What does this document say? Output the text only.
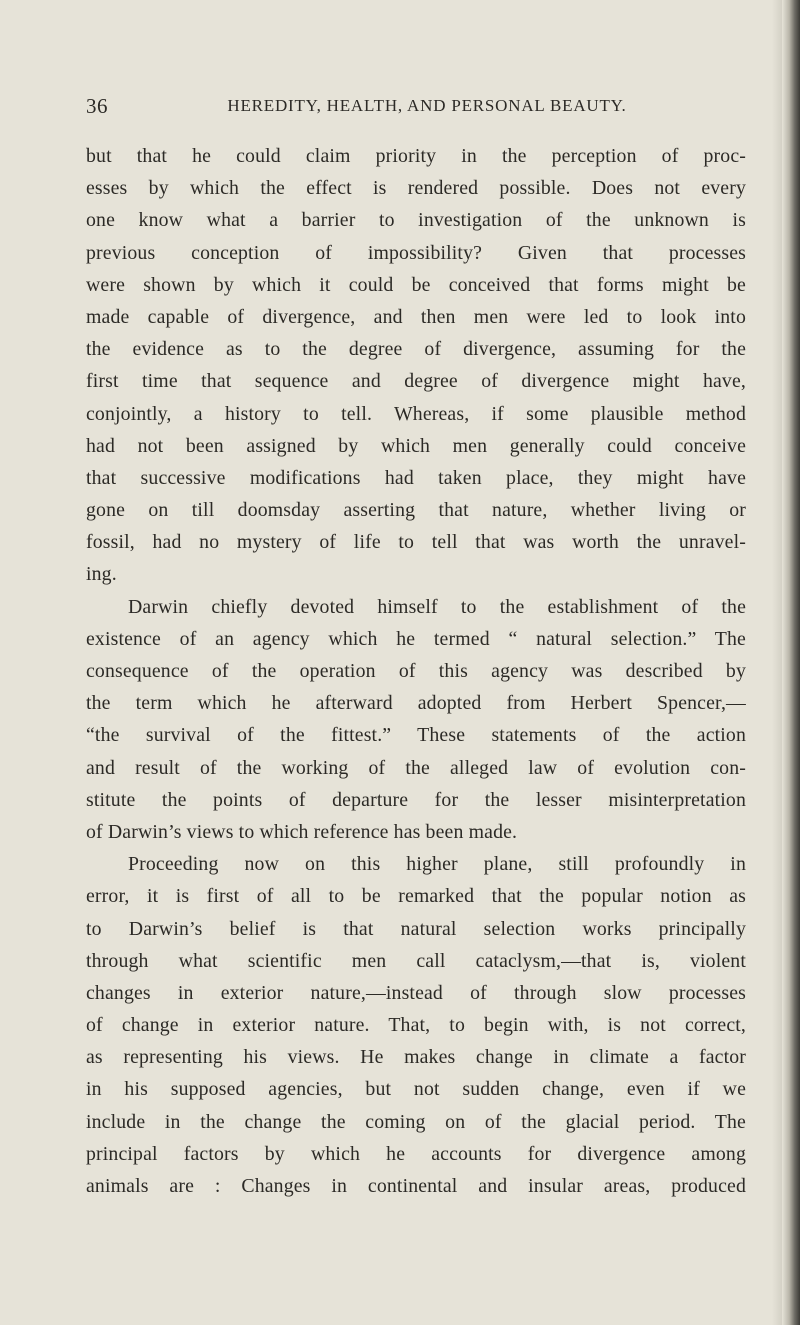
36	HEREDITY, HEALTH, AND PERSONAL BEAUTY.
but that he could claim priority in the perception of proc-
esses by which the effect is rendered possible. Does not every
one know what a barrier to investigation of the unknown is
previous conception of impossibility? Given that processes
were shown by which it could be conceived that forms might be
made capable of divergence, and then men were led to look into
the evidence as to the degree of divergence, assuming for the
first time that sequence and degree of divergence might have,
conjointly, a history to tell. Whereas, if some plausible method
had not been assigned by which men generally could conceive
that successive modifications had taken place, they might have
gone on till doomsday asserting that nature, whether living or
fossil, had no mystery of life to tell that was worth the unravel-
ing.
Darwin chiefly devoted himself to the establishment of the
existence of an agency which he termed “ natural selection.” The
consequence of the operation of this agency was described by
the term which he afterward adopted from Herbert Spencer,—
“the survival of the fittest.” These statements of the action
and result of the working of the alleged law of evolution con-
stitute the points of departure for the lesser misinterpretation
of Darwin’s views to which reference has been made.
Proceeding now on this higher plane, still profoundly in
error, it is first of all to be remarked that the popular notion as
to Darwin’s belief is that natural selection works principally
through what scientific men call cataclysm,—that is, violent
changes in exterior nature,—instead of through slow processes
of change in exterior nature. That, to begin with, is not correct,
as representing his views. He makes change in climate a factor
in his supposed agencies, but not sudden change, even if we
include in the change the coming on of the glacial period. The
principal factors by which he accounts for divergence among
animals are : Changes in continental and insular areas, produced
